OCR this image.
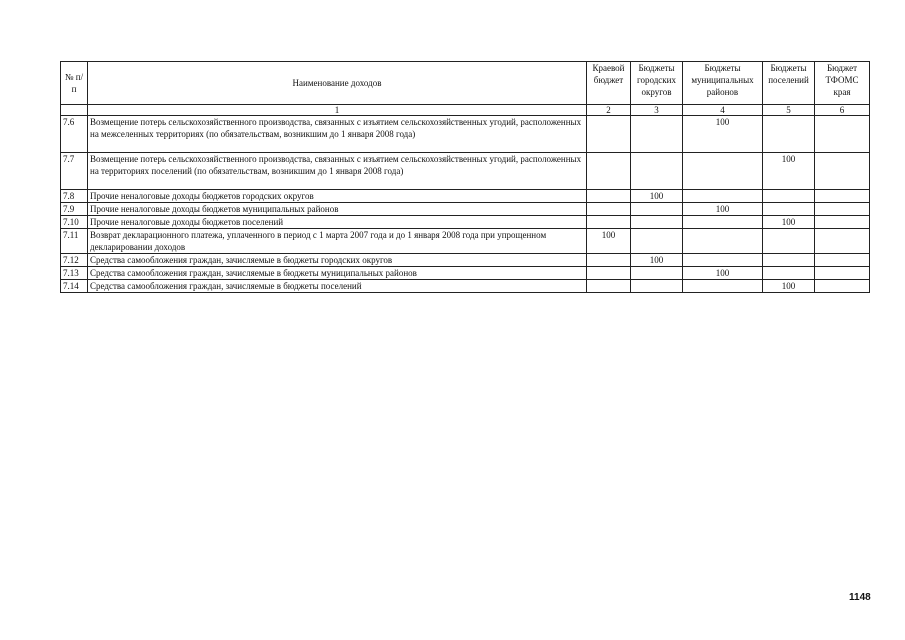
№ п/п	Наименование доходов	Краевой бюджет	Бюджеты городских округов	Бюджеты муниципальных районов	Бюджеты поселений	Бюджет ТФОМС края
	1	2	3	4	5	6
7.6	Возмещение потерь сельскохозяйственного производства, связанных с изъятием сельскохозяйственных угодий, расположенных на межселенных территориях (по обязательствам, возникшим до 1 января 2008 года)			100		
7.7	Возмещение потерь сельскохозяйственного производства, связанных с изъятием сельскохозяйственных угодий, расположенных на территориях поселений (по обязательствам, возникшим до 1 января 2008 года)				100	
7.8	Прочие неналоговые доходы бюджетов городских округов		100			
7.9	Прочие неналоговые доходы бюджетов муниципальных районов			100		
7.10	Прочие неналоговые доходы бюджетов поселений				100	
7.11	Возврат декларационного платежа, уплаченного в период с 1 марта 2007 года и до 1 января 2008 года при упрощенном декларировании доходов	100				
7.12	Средства самообложения граждан, зачисляемые в бюджеты городских округов		100			
7.13	Средства самообложения граждан, зачисляемые в бюджеты муниципальных районов			100		
7.14	Средства самообложения граждан, зачисляемые в бюджеты поселений				100	
1148
